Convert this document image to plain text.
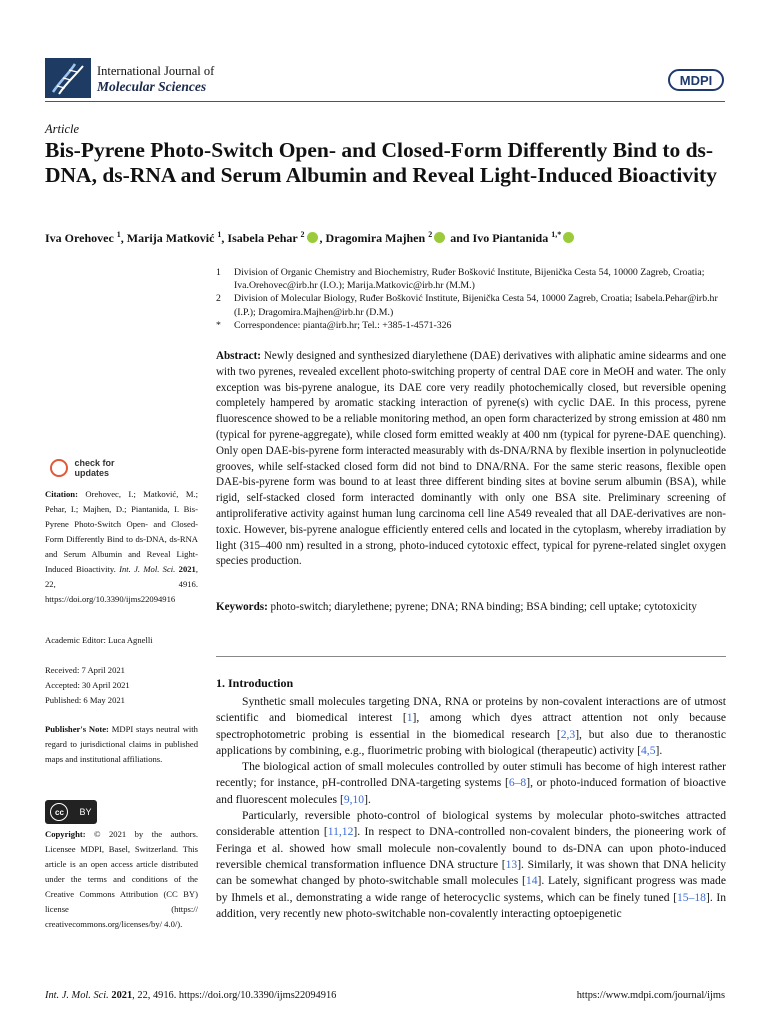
International Journal of
Molecular Sciences	MDPI
Article
Bis-Pyrene Photo-Switch Open- and Closed-Form Differently Bind to ds-DNA, ds-RNA and Serum Albumin and Reveal Light-Induced Bioactivity
Iva Orehovec $^1$, Marija Matković $^1$, Isabela Pehar $^2$ , Dragomira Majhen $^2$ and Ivo Piantanida $^{1,*}$
1	Division of Organic Chemistry and Biochemistry, Ruđer Bošković Institute, Bijenička Cesta 54, 10000 Zagreb, Croatia; Iva.Orehovec@irb.hr (I.O.); Marija.Matkovic@irb.hr (M.M.)
2	Division of Molecular Biology, Ruđer Bošković Institute, Bijenička Cesta 54, 10000 Zagreb, Croatia; Isabela.Pehar@irb.hr (I.P.); Dragomira.Majhen@irb.hr (D.M.)
*	Correspondence: pianta@irb.hr; Tel.: +385-1-4571-326
check for
updates
Citation: Orehovec, I.; Matković, M.; Pehar, I.; Majhen, D.; Piantanida, I. Bis-Pyrene Photo-Switch Open- and Closed-Form Differently Bind to ds-DNA, ds-RNA and Serum Albumin and Reveal Light-Induced Bioactivity. Int. J. Mol. Sci. 2021, 22, 4916. https://doi.org/10.3390/ijms22094916
Academic Editor: Luca Agnelli
Received: 7 April 2021
Accepted: 30 April 2021
Published: 6 May 2021
Publisher's Note: MDPI stays neutral with regard to jurisdictional claims in published maps and institutional affiliations.
cc	BY
Copyright: © 2021 by the authors. Licensee MDPI, Basel, Switzerland. This article is an open access article distributed under the terms and conditions of the Creative Commons Attribution (CC BY) license (https:// creativecommons.org/licenses/by/ 4.0/).
Abstract: Newly designed and synthesized diarylethene (DAE) derivatives with aliphatic amine sidearms and one with two pyrenes, revealed excellent photo-switching property of central DAE core in MeOH and water. The only exception was bis-pyrene analogue, its DAE core very readily photochemically closed, but reversible opening completely hampered by aromatic stacking interaction of pyrene(s) with cyclic DAE. In this process, pyrene fluorescence showed to be a reliable monitoring method, an open form characterized by strong emission at 480 nm (typical for pyrene-aggregate), while closed form emitted weakly at 400 nm (typical for pyrene-DAE quenching). Only open DAE-bis-pyrene form interacted measurably with ds-DNA/RNA by flexible insertion in polynucleotide grooves, while self-stacked closed form did not bind to DNA/RNA. For the same steric reasons, flexible open DAE-bis-pyrene form was bound to at least three different binding sites at bovine serum albumin (BSA), while rigid, self-stacked closed form interacted dominantly with only one BSA site. Preliminary screening of antiproliferative activity against human lung carcinoma cell line A549 revealed that all DAE-derivatives are non-toxic. However, bis-pyrene analogue efficiently entered cells and located in the cytoplasm, whereby irradiation by light (315–400 nm) resulted in a strong, photo-induced cytotoxic effect, typical for pyrene-related singlet oxygen species production.
Keywords: photo-switch; diarylethene; pyrene; DNA; RNA binding; BSA binding; cell uptake; cytotoxicity
1. Introduction

Synthetic small molecules targeting DNA, RNA or proteins by non-covalent interactions are of utmost scientific and biomedical interest [1], among which dyes attract attention not only because spectrophotometric probing is essential in the biomedical research [2,3], but also due to theranostic applications by combining, e.g., fluorimetric probing with biological (therapeutic) activity [4,5].

The biological action of small molecules controlled by outer stimuli has become of high interest rather recently; for instance, pH-controlled DNA-targeting systems [6–8], or photo-induced formation of bioactive and fluorescent molecules [9,10].

Particularly, reversible photo-control of biological systems by molecular photo-switches attracted considerable attention [11,12]. In respect to DNA-controlled non-covalent binders, the pioneering work of Feringa et al. showed how small molecule non-covalently bound to ds-DNA can upon photo-induced reversible chemical transformation influence DNA structure [13]. Similarly, it was shown that DNA helicity can be somewhat changed by photo-switchable small molecules [14]. Lately, significant progress was made by Ihmels et al., demonstrating a wide range of heterocyclic systems, which can be finely tuned [15–18]. In addition, very recently new photo-switchable non-covalently interacting optoepigenetic

Int. J. Mol. Sci. 2021, 22, 4916. https://doi.org/10.3390/ijms22094916	https://www.mdpi.com/journal/ijms
